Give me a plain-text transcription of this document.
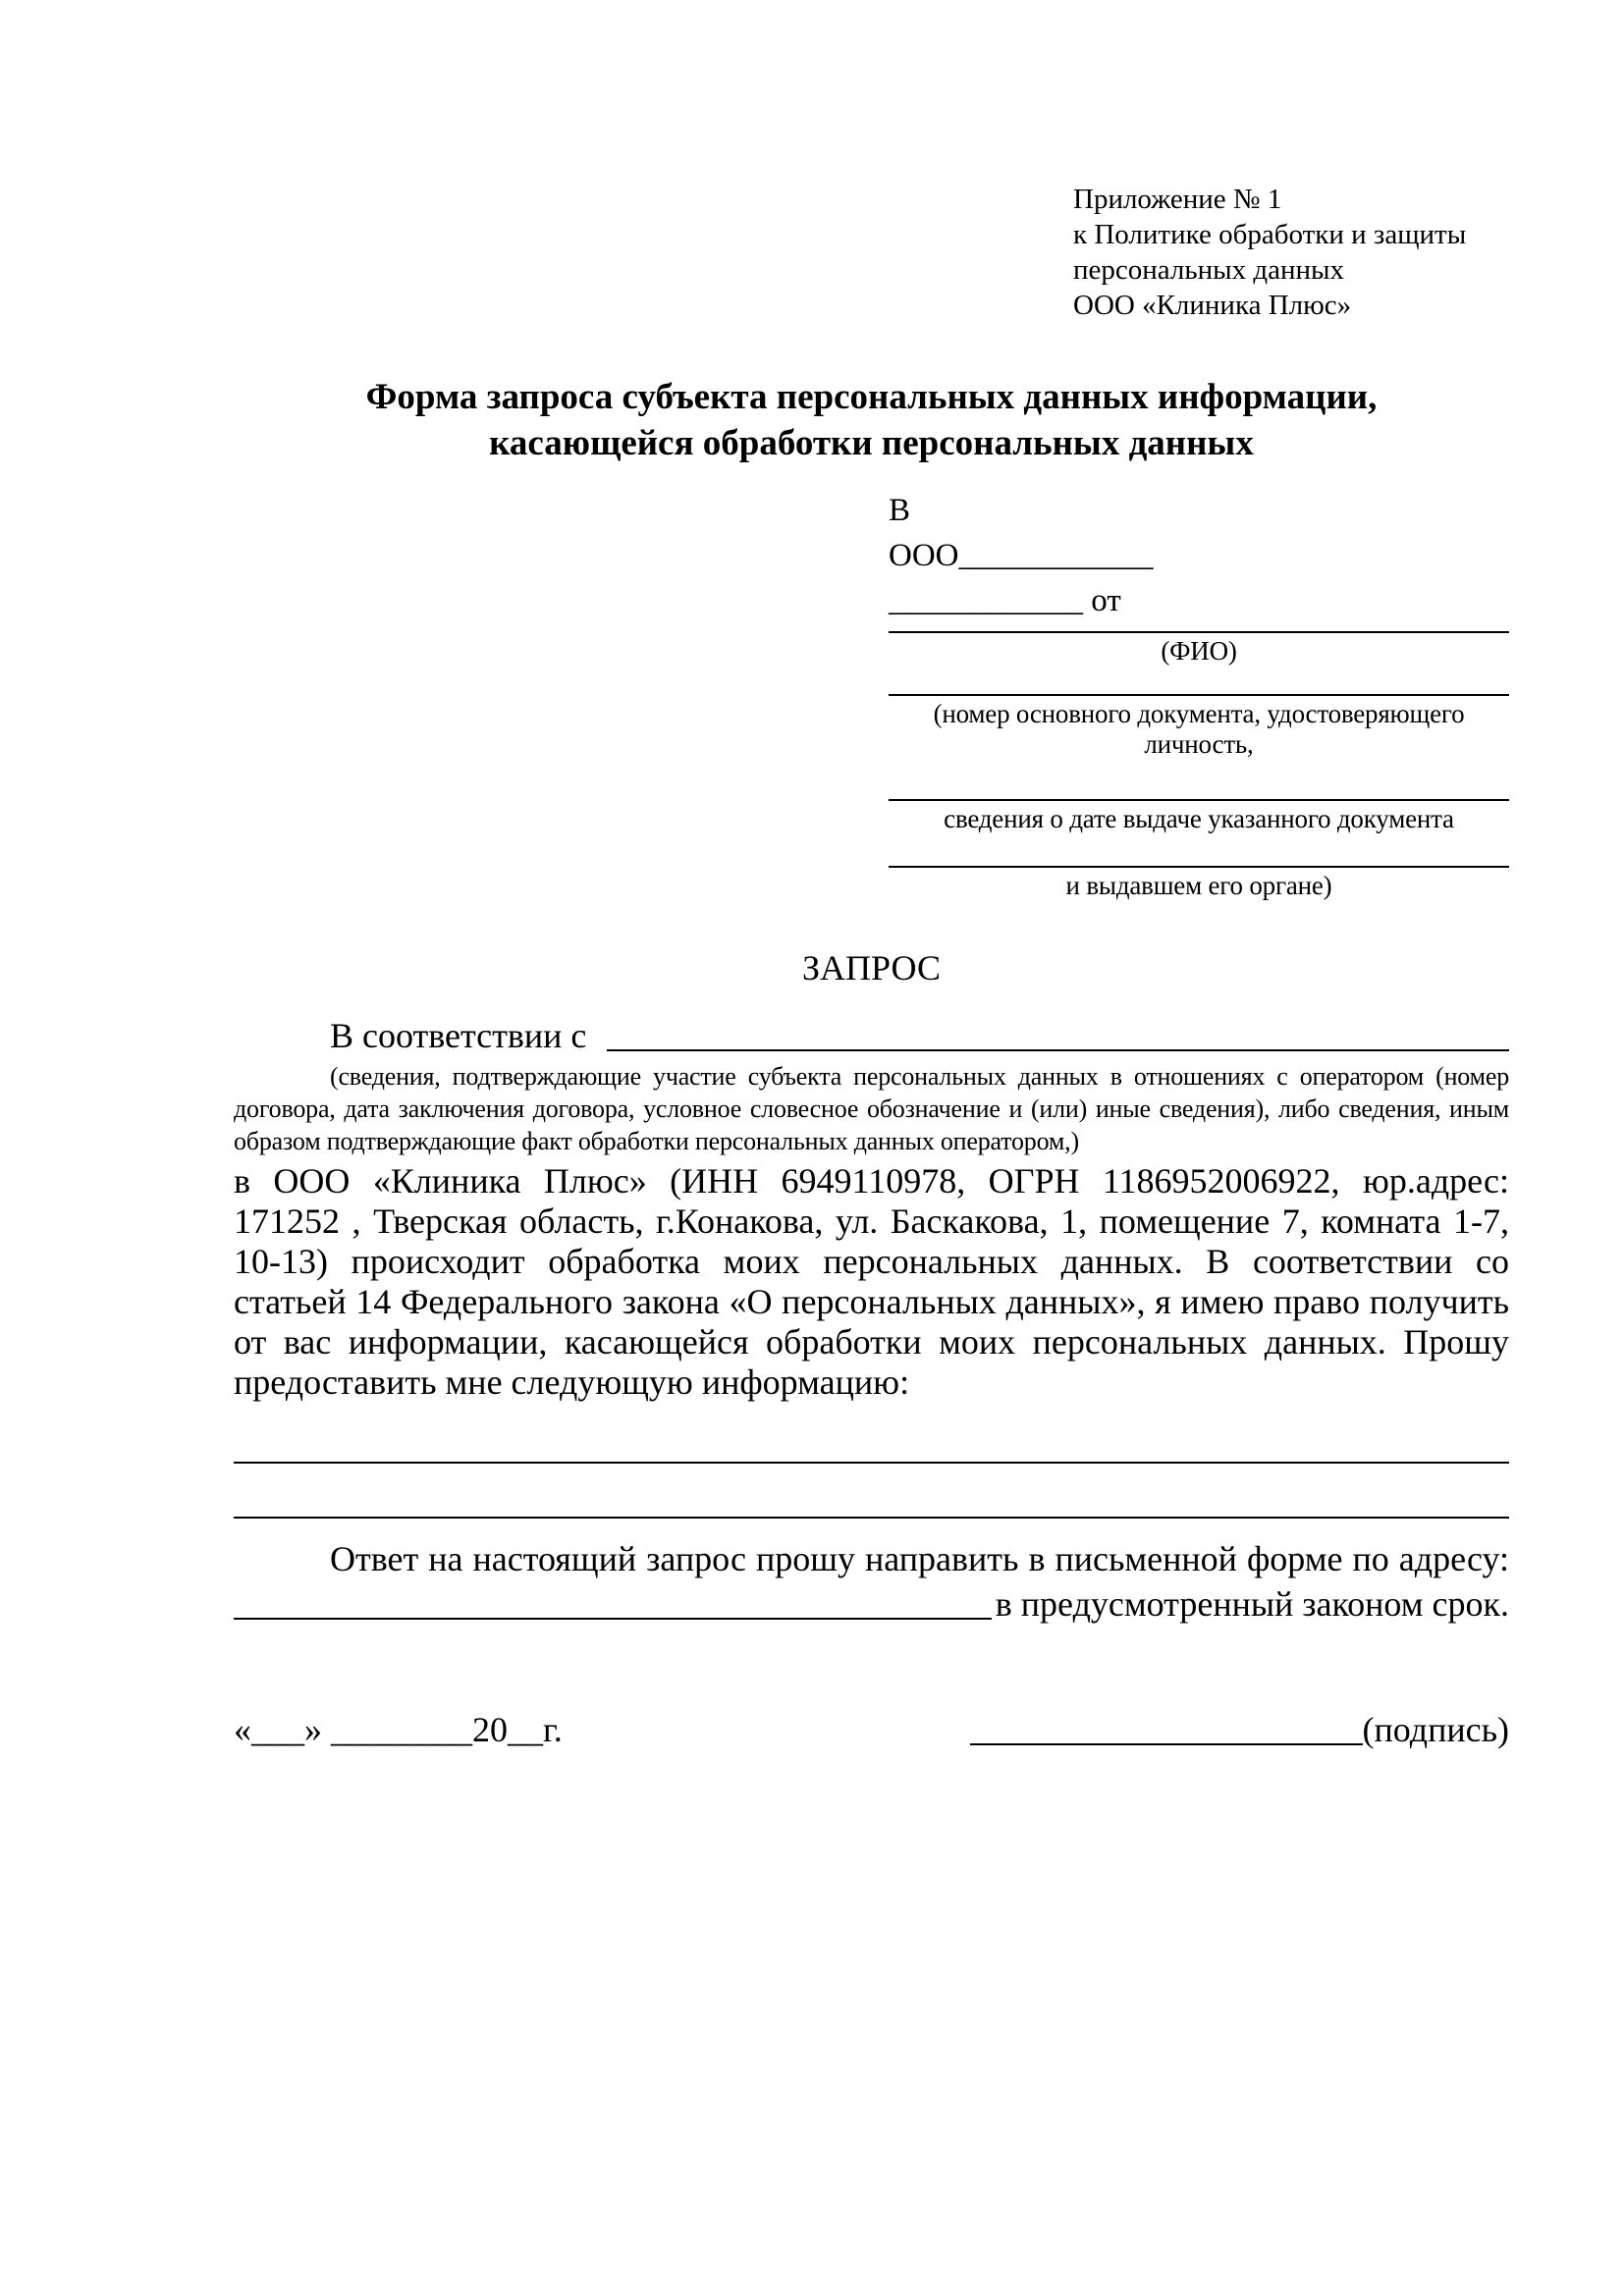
Приложение № 1
к Политике обработки и защиты
персональных данных
ООО «Клиника Плюс»
Форма запроса субъекта персональных данных информации,
касающейся обработки персональных данных
В
ООО____________
____________ от
(ФИО)
(номер основного документа, удостоверяющего личность,
сведения о дате выдаче указанного документа
и выдавшем его органе)
ЗАПРОС
В соответствии с
(сведения, подтверждающие участие субъекта персональных данных в отношениях с оператором (номер договора, дата заключения договора, условное словесное обозначение и (или) иные сведения), либо сведения, иным образом подтверждающие факт обработки персональных данных оператором,)
в ООО «Клиника Плюс» (ИНН 6949110978, ОГРН 1186952006922, юр.адрес: 171252 , Тверская область, г.Конакова, ул. Баскакова, 1, помещение 7, комната 1-7, 10-13) происходит обработка моих персональных данных. В соответствии со статьей 14 Федерального закона «О персональных данных», я имею право получить от вас информации, касающейся обработки моих персональных данных. Прошу предоставить мне следующую информацию:
Ответ на настоящий запрос прошу направить в письменной форме по адресу:
в предусмотренный законом срок.
«___» ________20__г.	(подпись)
